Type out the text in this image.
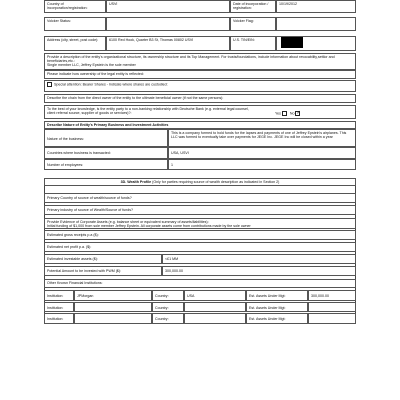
Country of incorporation/registration:
USVI	Date of incorporation / registration:
10/19/2012
Volcker Status:	Volcker Flag:
Address (city, street, post code):	6100 Red Hook, Quarter B3 St, Thomas 00802 USVI	U.S. TIN/EIN:
Provide a description of the entity's organizational structure, its ownership structure and its Top Management. For trusts/foundations, include information about revocability,settlor and beneficiaries,etc.:
Single member LLC, Jeffrey Epstein is the sole member
Please indicate how ownership of the legal entity is reflected:
Special attention: Bearer Shares - Indicate where shares are custodied:
Describe the chain from the direct owner of the entity to the ultimate beneficial owner (if not the same persons):
To the best of your knowledge, is the entity party to a non-banking relationship with Deutsche Bank (e.g. external legal counsel, client referral source, supplier of goods or services)?:	Yes	No ✓
Describe Nature of Entity's Primary Business and Investment Activities
Nature of the business:
This is a company formed to hold funds for the lapses and payments of one of Jeffrey Epstein's airplanes. This LLC was formed to eventually take over payments for JEGE Inc. JEGE Inc will be closed within a year
Countries where business is transacted:	USA, USVI
Number of employees:	1
3D. Wealth Profile (Only for parties requiring source of wealth description as indicated in Section 2)
Primary Country of source of wealth/source of funds?
Primary industry of source of Wealth/Source of funds?
Provide Evidence of Corporate Assets (e.g. balance sheet or equivalent summary of assets/liabilities):
Initial funding of $1,000 from sole member Jeffrey Epstein. All corporate assets come from contributions made by the sole owner
Estimated gross receipts p.a ($):
Estimated net profit p.a. ($):
Estimated investable assets ($):	<£1 MM
Potential Amount to be invested with PWM ($):	300,000.00
Other Known Financial Institutions:
Institution:	JPMorgan	Country:	USA	Est. Assets Under Mgt:	300,000.00
Institution:	Country:	Est. Assets Under Mgt:
Institution:	Country:	Est. Assets Under Mgt:
